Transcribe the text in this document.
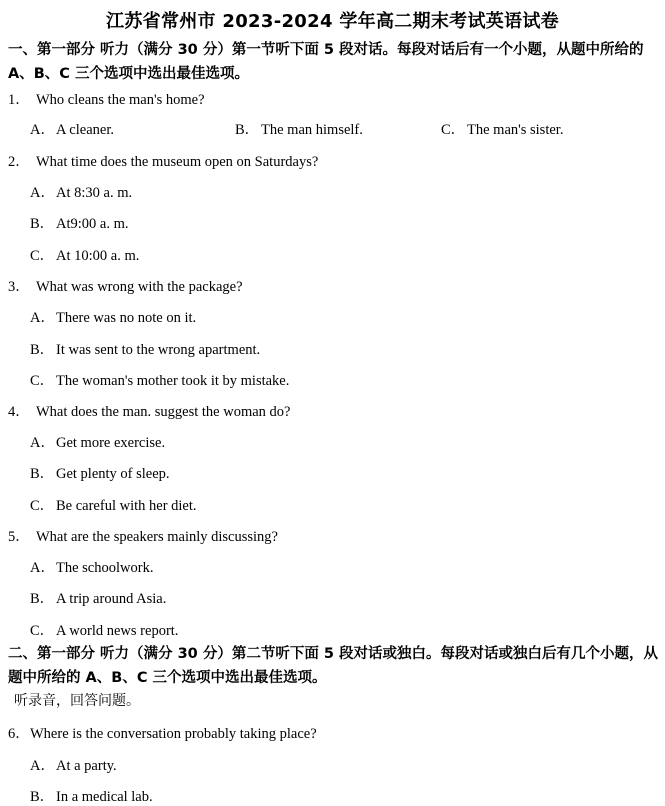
江苏省常州市 2023-2024 学年高二期末考试英语试卷
一、第一部分 听力（满分 30 分）第一节听下面 5 段对话。每段对话后有一个小题，从题中所给的 A、B、C 三个选项中选出最佳选项。
1． Who cleans the man's home?
A．A cleaner.	B． The man himself.	C． The man's sister.
2． What time does the museum open on Saturdays?
A．At 8:30 a. m.
B． At9:00 a. m.
C． At 10:00 a. m.
3． What was wrong with the package?
A．There was no note on it.
B． It was sent to the wrong apartment.
C． The woman's mother took it by mistake.
4． What does the man. suggest the woman do?
A．Get more exercise.
B． Get plenty of sleep.
C． Be careful with her diet.
5． What are the speakers mainly discussing?
A．The schoolwork.
B． A trip around Asia.
C． A world news report.
二、第一部分 听力（满分 30 分）第二节听下面 5 段对话或独白。每段对话或独白后有几个小题，从题中所给的 A、B、C 三个选项中选出最佳选项。
听录音，回答问题。
6．Where is the conversation probably taking place?
A．At a party.
B． In a medical lab.
